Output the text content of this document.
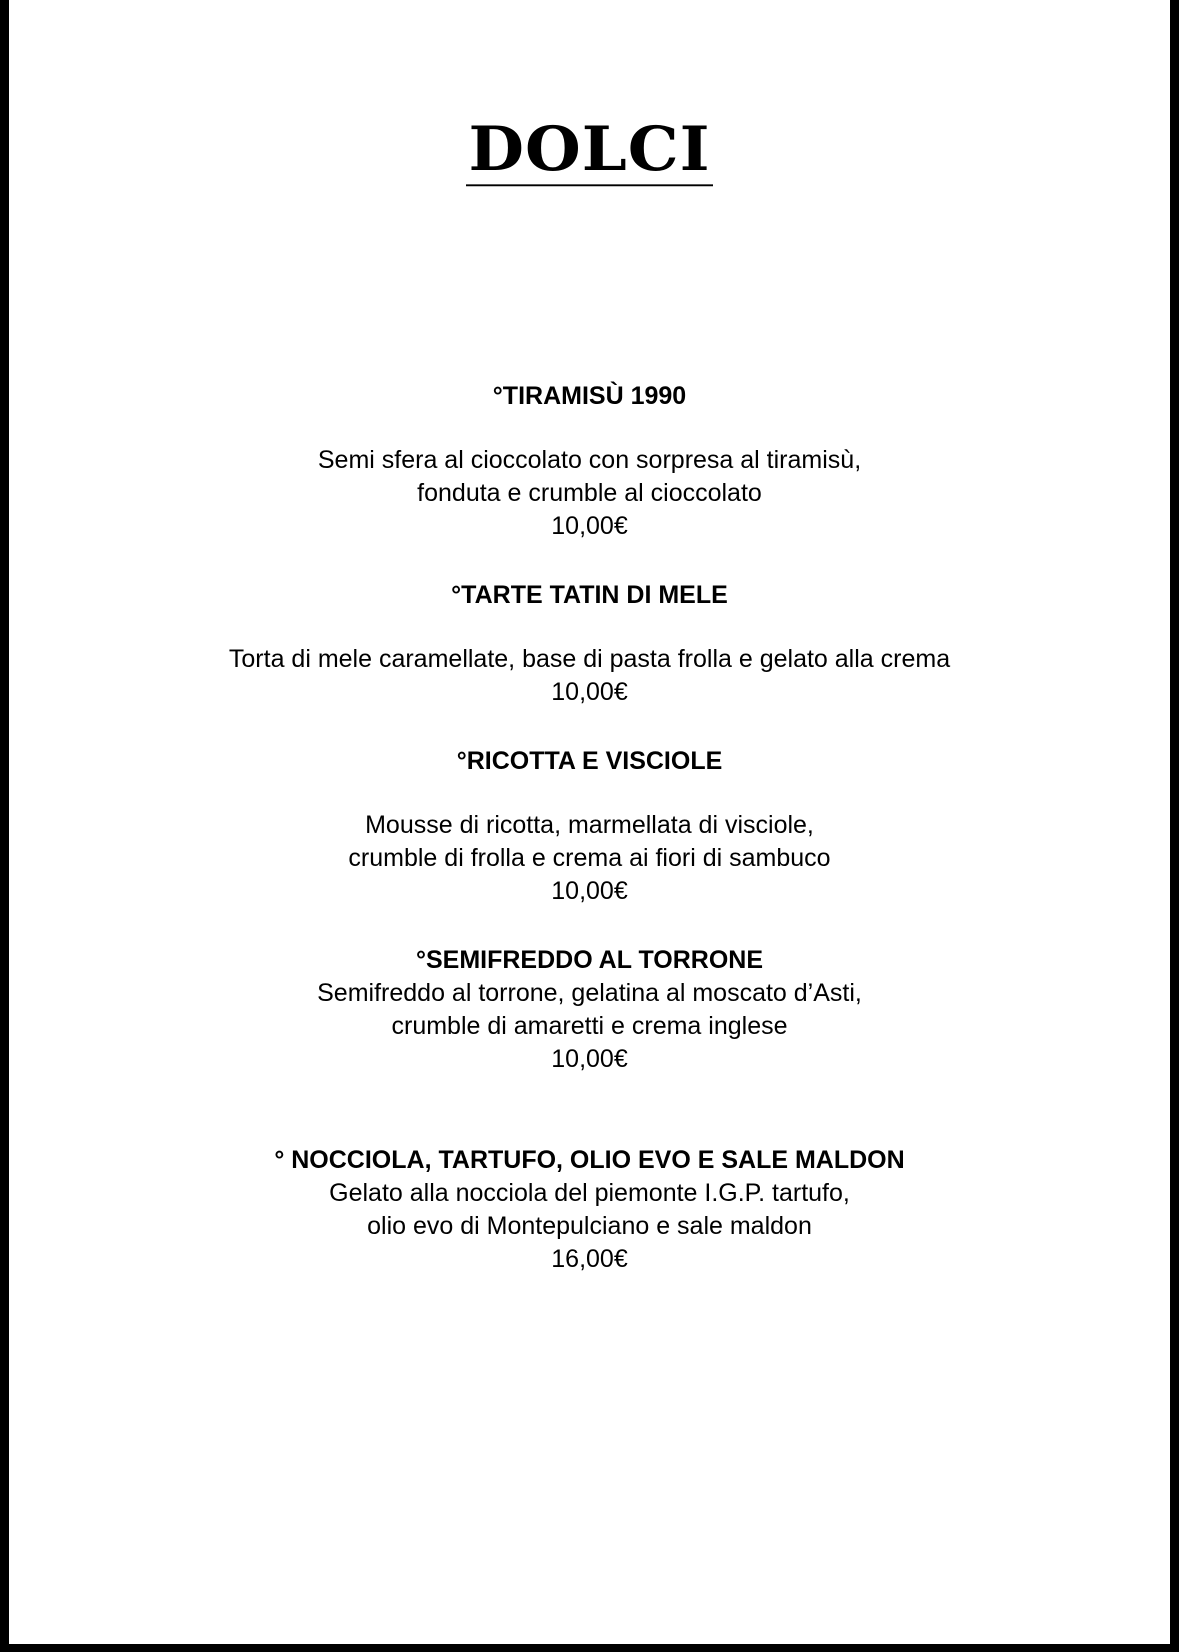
DOLCI
°TIRAMISÙ 1990
Semi sfera al cioccolato con sorpresa al tiramisù,
fonduta e crumble al cioccolato
10,00€
°TARTE TATIN DI MELE
Torta di mele caramellate, base di pasta frolla e gelato alla crema
10,00€
°RICOTTA E VISCIOLE
Mousse di ricotta, marmellata di visciole,
crumble di frolla e crema ai fiori di sambuco
10,00€
°SEMIFREDDO AL TORRONE
Semifreddo al torrone, gelatina al moscato d’Asti,
crumble di amaretti e crema inglese
10,00€
° NOCCIOLA, TARTUFO, OLIO EVO E SALE MALDON
Gelato alla nocciola del piemonte I.G.P. tartufo,
olio evo di Montepulciano e sale maldon
16,00€
